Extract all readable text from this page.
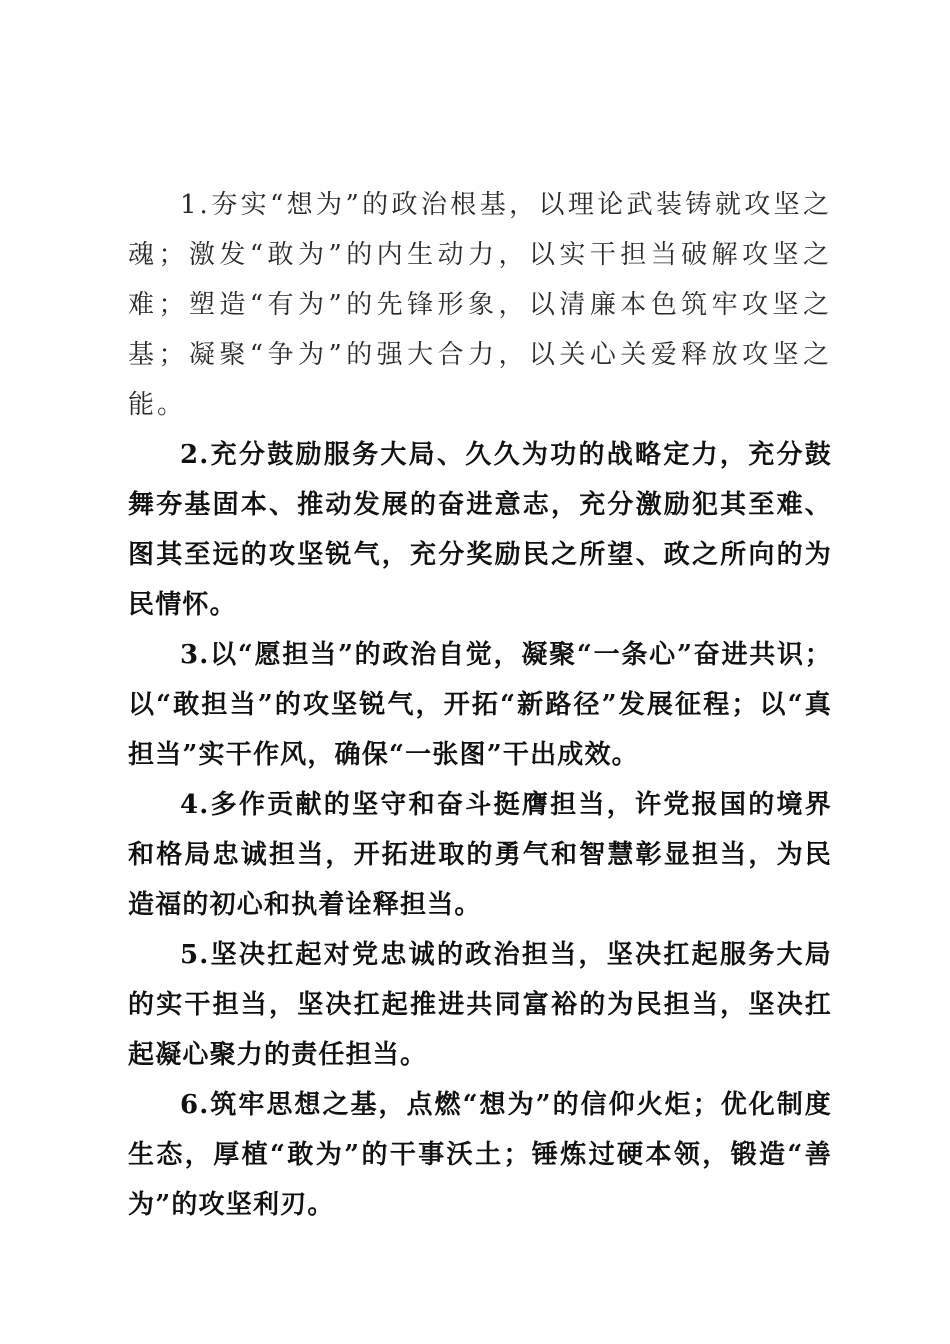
1.夯实“想为”的政治根基，以理论武装铸就攻坚之魂；激发“敢为”的内生动力，以实干担当破解攻坚之难；塑造“有为”的先锋形象，以清廉本色筑牢攻坚之基；凝聚“争为”的强大合力，以关心关爱释放攻坚之能。

2.充分鼓励服务大局、久久为功的战略定力，充分鼓舞夯基固本、推动发展的奋进意志，充分激励犯其至难、图其至远的攻坚锐气，充分奖励民之所望、政之所向的为民情怀。

3.以“愿担当”的政治自觉，凝聚“一条心”奋进共识；以“敢担当”的攻坚锐气，开拓“新路径”发展征程；以“真担当”实干作风，确保“一张图”干出成效。

4.多作贡献的坚守和奋斗挺膺担当，许党报国的境界和格局忠诚担当，开拓进取的勇气和智慧彰显担当，为民造福的初心和执着诠释担当。

5.坚决扛起对党忠诚的政治担当，坚决扛起服务大局的实干担当，坚决扛起推进共同富裕的为民担当，坚决扛起凝心聚力的责任担当。

6.筑牢思想之基，点燃“想为”的信仰火炬；优化制度生态，厚植“敢为”的干事沃土；锤炼过硬本领，锻造“善为”的攻坚利刃。
